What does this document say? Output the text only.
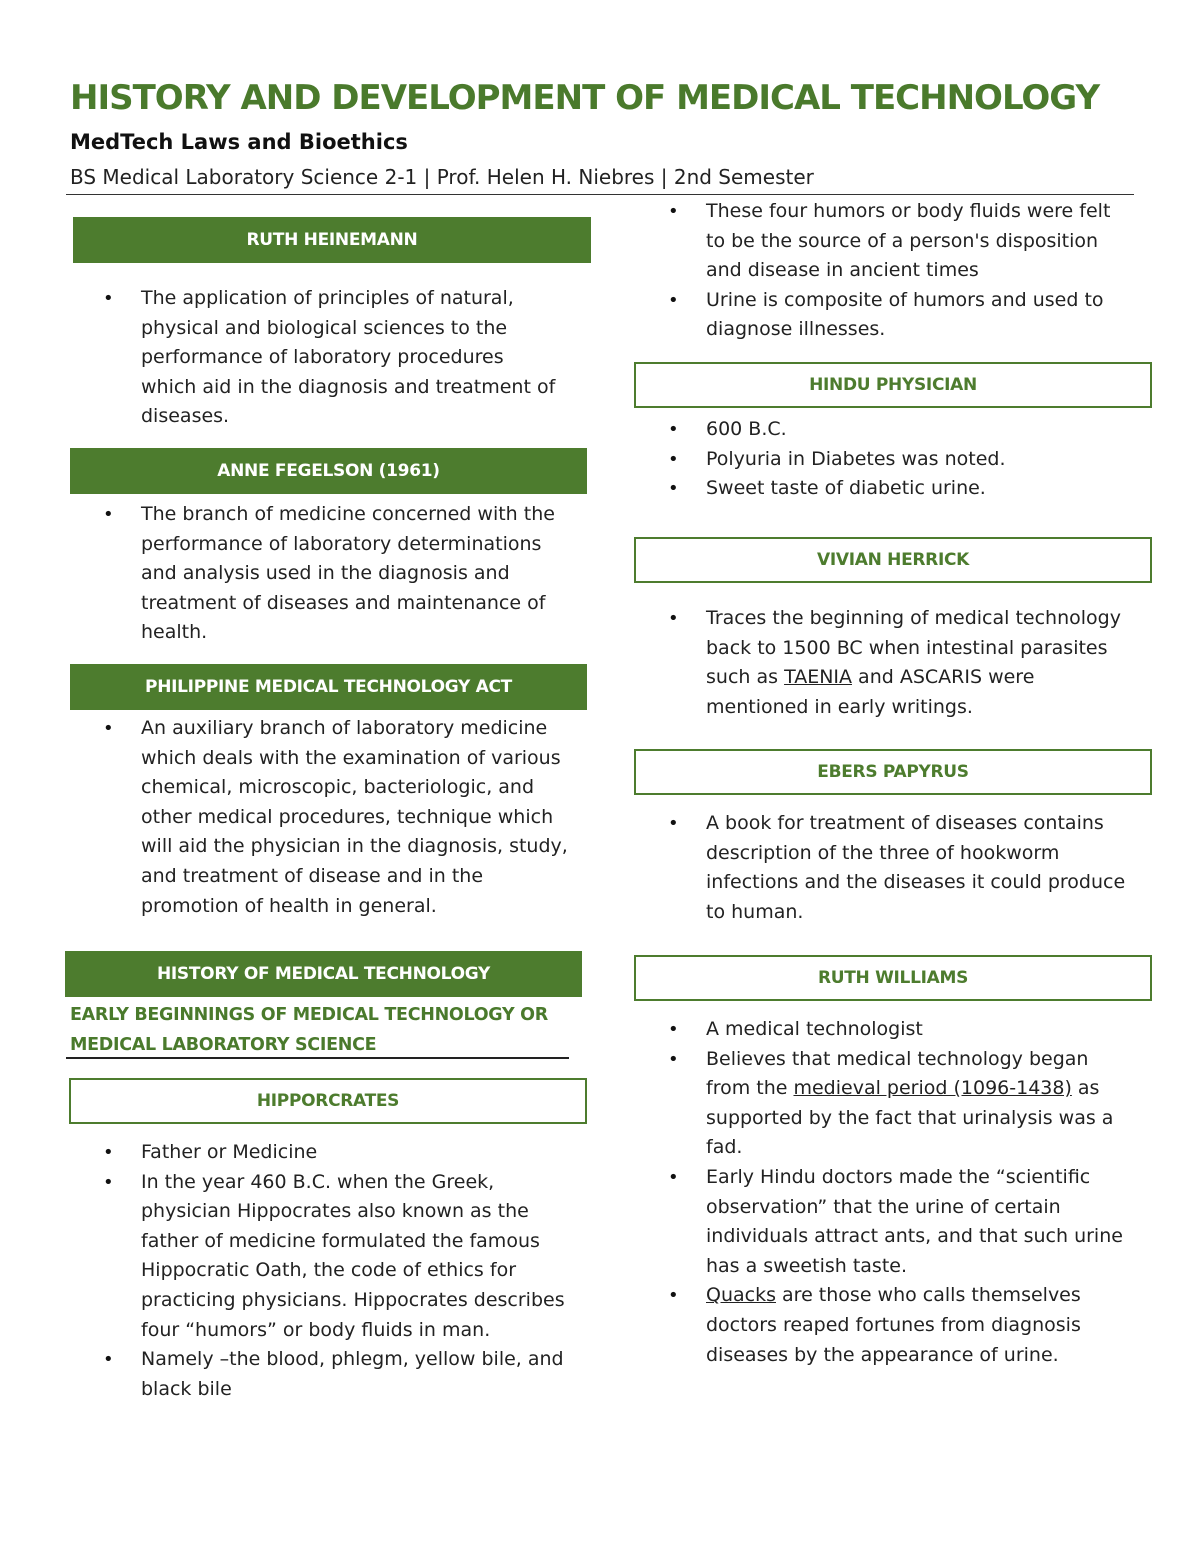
HISTORY AND DEVELOPMENT OF MEDICAL TECHNOLOGY
MedTech Laws and Bioethics
BS Medical Laboratory Science 2-1 | Prof. Helen H. Niebres | 2nd Semester
RUTH HEINEMANN
• The application of principles of natural, physical and biological sciences to the performance of laboratory procedures which aid in the diagnosis and treatment of diseases.
ANNE FEGELSON (1961)
• The branch of medicine concerned with the performance of laboratory determinations and analysis used in the diagnosis and treatment of diseases and maintenance of health.
PHILIPPINE MEDICAL TECHNOLOGY ACT
• An auxiliary branch of laboratory medicine which deals with the examination of various chemical, microscopic, bacteriologic, and other medical procedures, technique which will aid the physician in the diagnosis, study, and treatment of disease and in the promotion of health in general.
HISTORY OF MEDICAL TECHNOLOGY
EARLY BEGINNINGS OF MEDICAL TECHNOLOGY OR MEDICAL LABORATORY SCIENCE
HIPPORCRATES
• Father or Medicine
• In the year 460 B.C. when the Greek, physician Hippocrates also known as the father of medicine formulated the famous Hippocratic Oath, the code of ethics for practicing physicians. Hippocrates describes four “humors” or body fluids in man.
• Namely –the blood, phlegm, yellow bile, and black bile
• These four humors or body fluids were felt to be the source of a person's disposition and disease in ancient times
• Urine is composite of humors and used to diagnose illnesses.
HINDU PHYSICIAN
• 600 B.C.
• Polyuria in Diabetes was noted.
• Sweet taste of diabetic urine.
VIVIAN HERRICK
• Traces the beginning of medical technology back to 1500 BC when intestinal parasites such as TAENIA and ASCARIS were mentioned in early writings.
EBERS PAPYRUS
• A book for treatment of diseases contains description of the three of hookworm infections and the diseases it could produce to human.
RUTH WILLIAMS
• A medical technologist
• Believes that medical technology began from the medieval period (1096-1438) as supported by the fact that urinalysis was a fad.
• Early Hindu doctors made the “scientific observation” that the urine of certain individuals attract ants, and that such urine has a sweetish taste.
• Quacks are those who calls themselves doctors reaped fortunes from diagnosis diseases by the appearance of urine.
